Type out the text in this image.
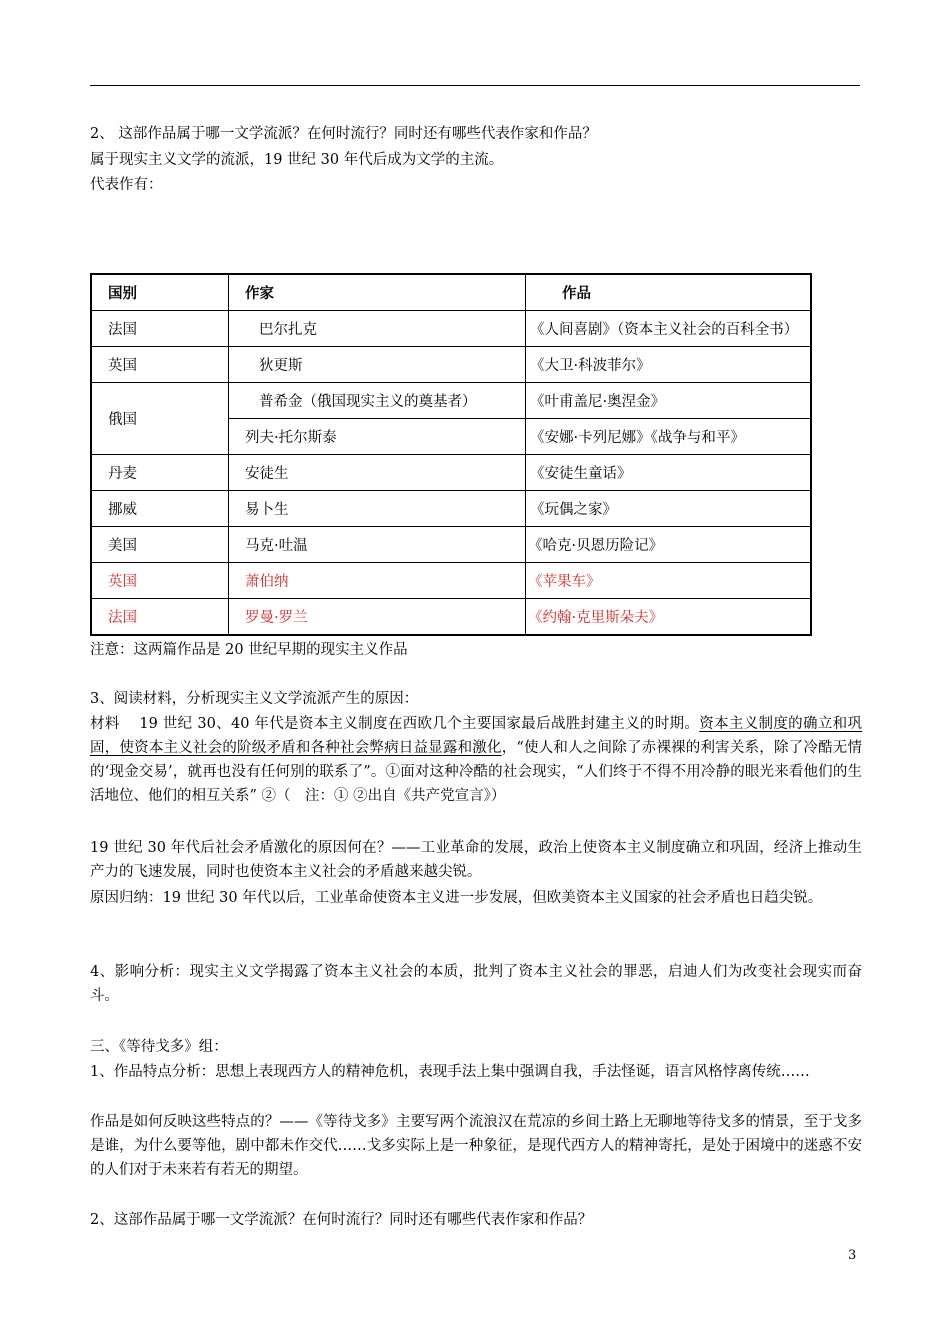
2、 这部作品属于哪一文学流派？在何时流行？同时还有哪些代表作家和作品？
属于现实主义文学的流派，19 世纪 30 年代后成为文学的主流。
代表作有：
国别	作家	作品
法国	巴尔扎克	《人间喜剧》（资本主义社会的百科全书）
英国	狄更斯	《大卫·科波菲尔》
俄国	普希金（俄国现实主义的奠基者）	《叶甫盖尼·奥涅金》
	列夫·托尔斯泰	《安娜·卡列尼娜》《战争与和平》
丹麦	安徒生	《安徒生童话》
挪威	易卜生	《玩偶之家》
美国	马克·吐温	《哈克·贝恩历险记》
英国	萧伯纳	《苹果车》
法国	罗曼·罗兰	《约翰·克里斯朵夫》
注意：这两篇作品是 20 世纪早期的现实主义作品
3、阅读材料，分析现实主义文学流派产生的原因：
材料　 19 世纪 30、40 年代是资本主义制度在西欧几个主要国家最后战胜封建主义的时期。资本主义制度的确立和巩固，使资本主义社会的阶级矛盾和各种社会弊病日益显露和激化，“使人和人之间除了赤裸裸的利害关系，除了冷酷无情的‘现金交易’，就再也没有任何别的联系了”。①面对这种冷酷的社会现实，“人们终于不得不用冷静的眼光来看他们的生活地位、他们的相互关系” ②（　注：① ②出自《共产党宣言》）
19 世纪 30 年代后社会矛盾激化的原因何在？——工业革命的发展，政治上使资本主义制度确立和巩固，经济上推动生产力的飞速发展，同时也使资本主义社会的矛盾越来越尖锐。
原因归纳：19 世纪 30 年代以后，工业革命使资本主义进一步发展，但欧美资本主义国家的社会矛盾也日趋尖锐。
4、影响分析：现实主义文学揭露了资本主义社会的本质，批判了资本主义社会的罪恶，启迪人们为改变社会现实而奋斗。
三、《等待戈多》组：
1、作品特点分析：思想上表现西方人的精神危机，表现手法上集中强调自我，手法怪诞，语言风格悖离传统……
作品是如何反映这些特点的？——《等待戈多》主要写两个流浪汉在荒凉的乡间土路上无聊地等待戈多的情景，至于戈多是谁，为什么要等他，剧中都未作交代……戈多实际上是一种象征，是现代西方人的精神寄托，是处于困境中的迷惑不安的人们对于未来若有若无的期望。
2、这部作品属于哪一文学流派？在何时流行？同时还有哪些代表作家和作品？
3
